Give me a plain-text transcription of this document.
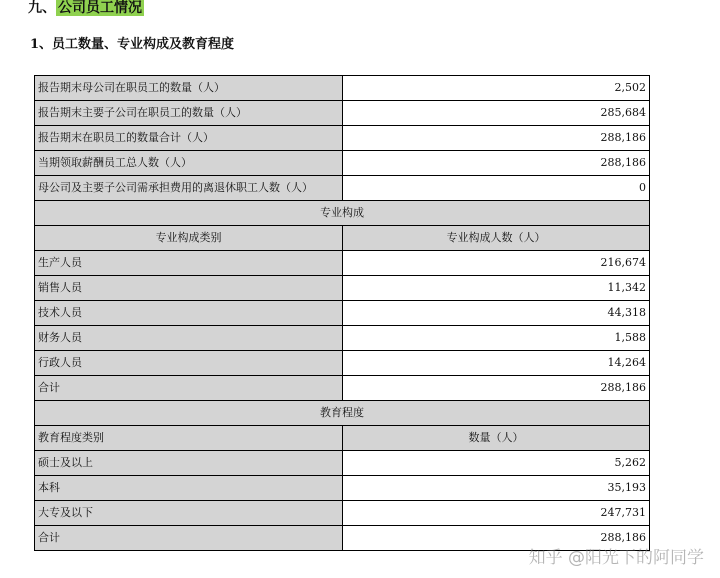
九、 公司员工情况
1、员工数量、专业构成及教育程度
报告期末母公司在职员工的数量（人）	2,502
报告期末主要子公司在职员工的数量（人）	285,684
报告期末在职员工的数量合计（人）	288,186
当期领取薪酬员工总人数（人）	288,186
母公司及主要子公司需承担费用的离退休职工人数（人）	0
专业构成	
专业构成类别	专业构成人数（人）
生产人员	216,674
销售人员	11,342
技术人员	44,318
财务人员	1,588
行政人员	14,264
合计	288,186
教育程度	
教育程度类别	数量（人）
硕士及以上	5,262
本科	35,193
大专及以下	247,731
合计	288,186
知乎 @阳光下的阿同学
